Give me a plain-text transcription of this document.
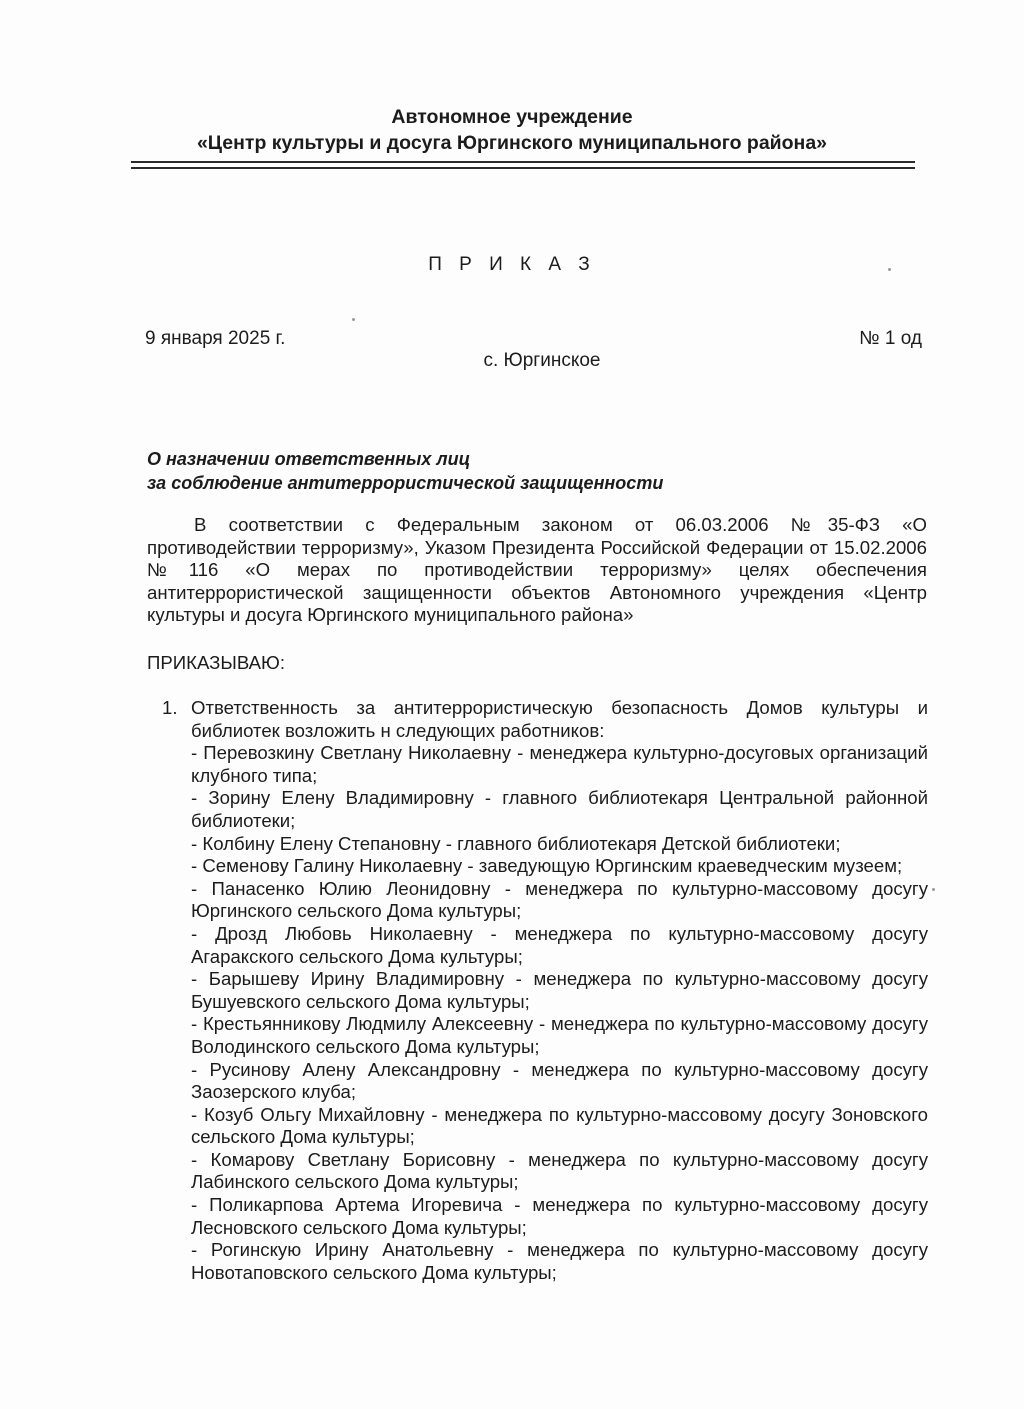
Автономное учреждение
«Центр культуры и досуга Юргинского муниципального района»
П Р И К А З
9 января 2025 г.	№ 1 од
с. Юргинское
О назначении ответственных лиц
за соблюдение антитеррористической защищенности

В соответствии с Федеральным законом от 06.03.2006 №35-ФЗ «О противодействии терроризму», Указом Президента Российской Федерации от 15.02.2006 №116 «О мерах по противодействии терроризму» целях обеспечения антитеррористической защищенности объектов Автономного учреждения «Центр культуры и досуга Юргинского муниципального района»

ПРИКАЗЫВАЮ:
1. Ответственность за антитеррористическую безопасность Домов культуры и библиотек возложить н следующих работников:
- Перевозкину Светлану Николаевну - менеджера культурно-досуговых организаций клубного типа;
- Зорину Елену Владимировну - главного библиотекаря Центральной районной библиотеки;
- Колбину Елену Степановну - главного библиотекаря Детской библиотеки;
- Семенову Галину Николаевну - заведующую Юргинским краеведческим музеем;
- Панасенко Юлию Леонидовну - менеджера по культурно-массовому досугу Юргинского сельского Дома культуры;
- Дрозд Любовь Николаевну - менеджера по культурно-массовому досугу Агаракского сельского Дома культуры;
- Барышеву Ирину Владимировну - менеджера по культурно-массовому досугу Бушуевского сельского Дома культуры;
- Крестьянникову Людмилу Алексеевну - менеджера по культурно-массовому досугу Володинского сельского Дома культуры;
- Русинову Алену Александровну - менеджера по культурно-массовому досугу Заозерского клуба;
- Козуб Ольгу Михайловну - менеджера по культурно-массовому досугу Зоновского сельского Дома культуры;
- Комарову Светлану Борисовну - менеджера по культурно-массовому досугу Лабинского сельского Дома культуры;
- Поликарпова Артема Игоревича - менеджера по культурно-массовому досугу Лесновского сельского Дома культуры;
- Рогинскую Ирину Анатольевну - менеджера по культурно-массовому досугу Новотаповского сельского Дома культуры;
